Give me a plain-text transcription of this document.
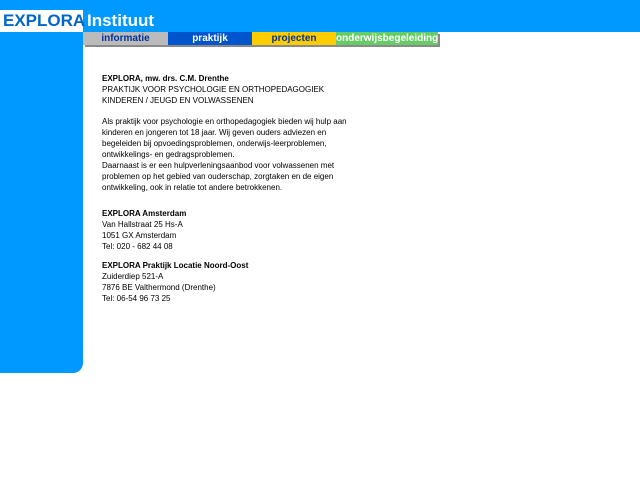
EXPLORA Instituut
informatie	praktijk	projecten	onderwijsbegeleiding

EXPLORA, mw. drs. C.M. Drenthe

PRAKTIJK VOOR PSYCHOLOGIE EN ORTHOPEDAGOGIEK

KINDEREN / JEUGD EN VOLWASSENEN

Als praktijk voor psychologie en orthopedagogiek bieden wij hulp aan

kinderen en jongeren tot 18 jaar. Wij geven ouders adviezen en

begeleiden bij opvoedingsproblemen, onderwijs-leerproblemen,

ontwikkelings- en gedragsproblemen.

Daarnaast is er een hulpverleningsaanbod voor volwassenen met

problemen op het gebied van ouderschap, zorgtaken en de eigen

ontwikkeling, ook in relatie tot andere betrokkenen.

EXPLORA Amsterdam

Van Hallstraat 25 Hs-A

1051 GX Amsterdam

Tel: 020 - 682 44 08

EXPLORA Praktijk Locatie Noord-Oost

Zuiderdiep 521-A

7876 BE Valthermond (Drenthe)

Tel: 06-54 96 73 25
